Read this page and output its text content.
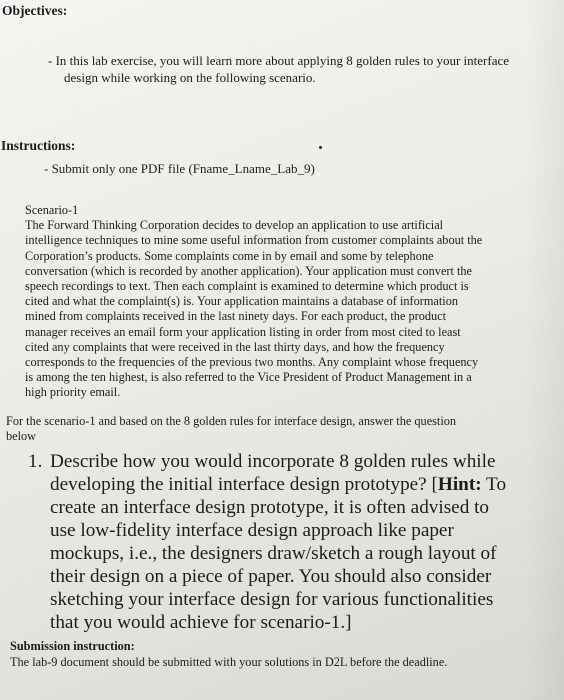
Objectives:
- In this lab exercise, you will learn more about applying 8 golden rules to your interface
design while working on the following scenario.
Instructions:
- Submit only one PDF file (Fname_Lname_Lab_9)
Scenario-1
The Forward Thinking Corporation decides to develop an application to use artificial
intelligence techniques to mine some useful information from customer complaints about the
Corporation’s products. Some complaints come in by email and some by telephone
conversation (which is recorded by another application). Your application must convert the
speech recordings to text. Then each complaint is examined to determine which product is
cited and what the complaint(s) is. Your application maintains a database of information
mined from complaints received in the last ninety days. For each product, the product
manager receives an email form your application listing in order from most cited to least
cited any complaints that were received in the last thirty days, and how the frequency
corresponds to the frequencies of the previous two months. Any complaint whose frequency
is among the ten highest, is also referred to the Vice President of Product Management in a
high priority email.
For the scenario-1 and based on the 8 golden rules for interface design, answer the question
below
1. Describe how you would incorporate 8 golden rules while
developing the initial interface design prototype? [Hint: To
create an interface design prototype, it is often advised to
use low-fidelity interface design approach like paper
mockups, i.e., the designers draw/sketch a rough layout of
their design on a piece of paper. You should also consider
sketching your interface design for various functionalities
that you would achieve for scenario-1.]
Submission instruction:
The lab-9 document should be submitted with your solutions in D2L before the deadline.
